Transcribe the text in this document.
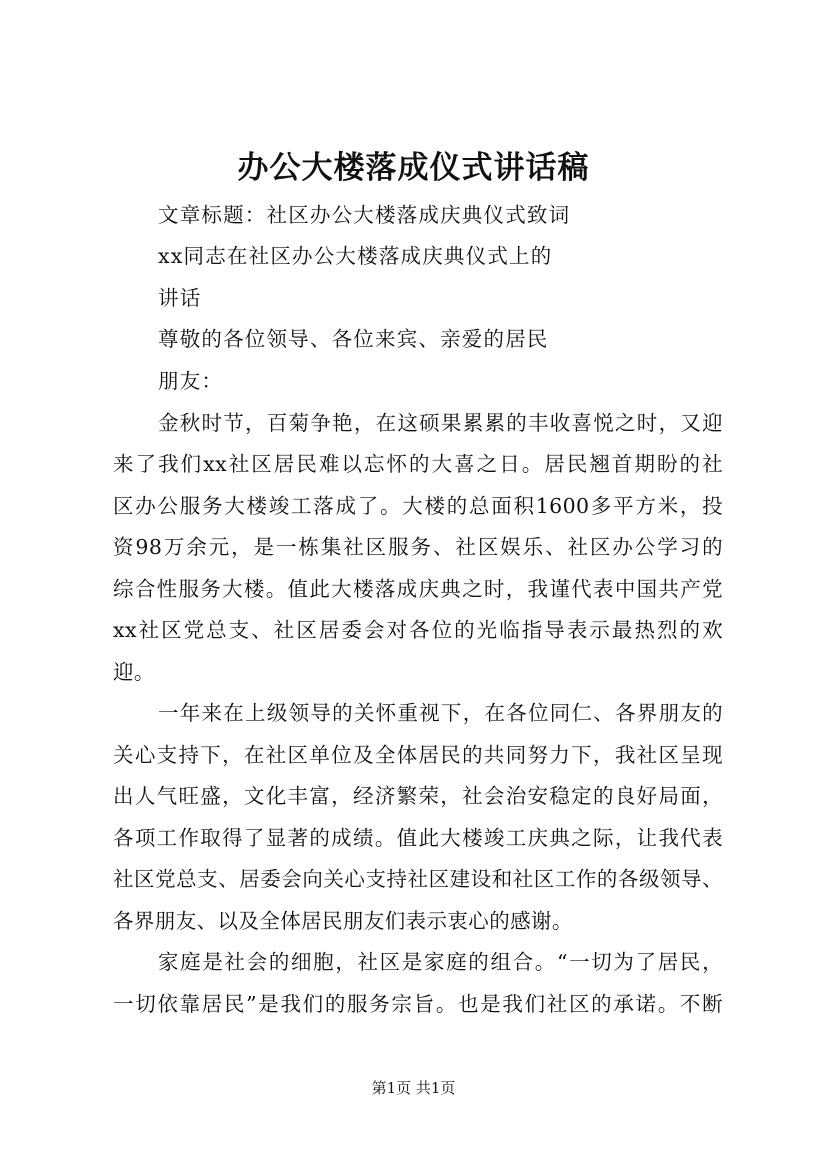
办公大楼落成仪式讲话稿

文章标题：社区办公大楼落成庆典仪式致词

xx同志在社区办公大楼落成庆典仪式上的

讲话

尊敬的各位领导、各位来宾、亲爱的居民

朋友：

金秋时节，百菊争艳，在这硕果累累的丰收喜悦之时，又迎

来了我们xx社区居民难以忘怀的大喜之日。居民翘首期盼的社

区办公服务大楼竣工落成了。大楼的总面积1600多平方米，投

资98万余元，是一栋集社区服务、社区娱乐、社区办公学习的

综合性服务大楼。值此大楼落成庆典之时，我谨代表中国共产党

xx社区党总支、社区居委会对各位的光临指导表示最热烈的欢

迎。

一年来在上级领导的关怀重视下，在各位同仁、各界朋友的

关心支持下，在社区单位及全体居民的共同努力下，我社区呈现

出人气旺盛，文化丰富，经济繁荣，社会治安稳定的良好局面，

各项工作取得了显著的成绩。值此大楼竣工庆典之际，让我代表

社区党总支、居委会向关心支持社区建设和社区工作的各级领导、

各界朋友、以及全体居民朋友们表示衷心的感谢。

家庭是社会的细胞，社区是家庭的组合。“一切为了居民，

一切依靠居民”是我们的服务宗旨。也是我们社区的承诺。不断

第1页 共1页
